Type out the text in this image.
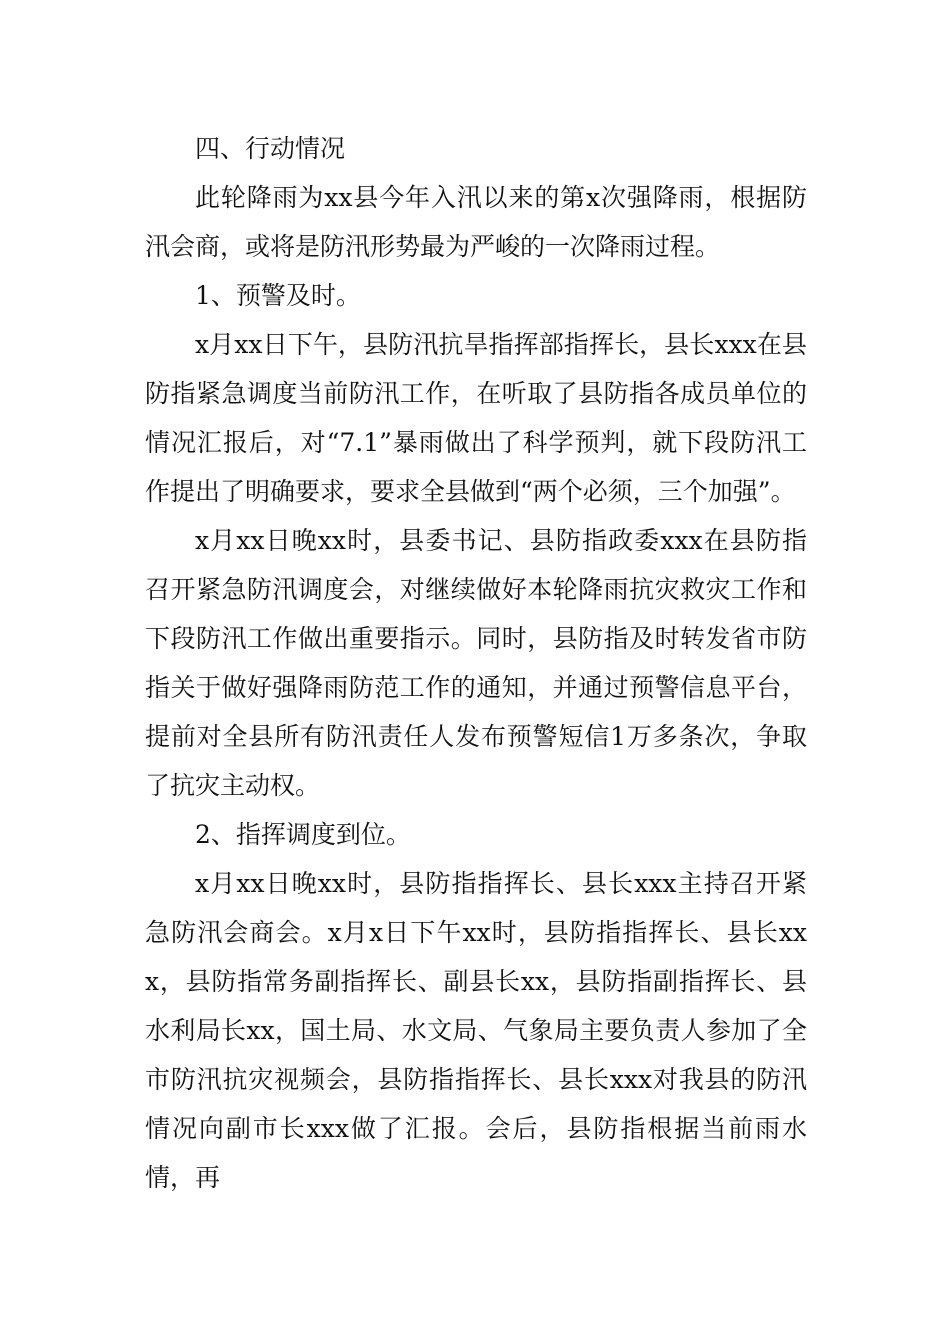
四、行动情况

此轮降雨为xx县今年入汛以来的第x次强降雨，根据防汛会商，或将是防汛形势最为严峻的一次降雨过程。

1、预警及时。

x月xx日下午，县防汛抗旱指挥部指挥长，县长xxx在县防指紧急调度当前防汛工作，在听取了县防指各成员单位的情况汇报后，对“7.1”暴雨做出了科学预判，就下段防汛工作提出了明确要求，要求全县做到“两个必须，三个加强”。

x月xx日晚xx时，县委书记、县防指政委xxx在县防指召开紧急防汛调度会，对继续做好本轮降雨抗灾救灾工作和下段防汛工作做出重要指示。同时，县防指及时转发省市防指关于做好强降雨防范工作的通知，并通过预警信息平台，提前对全县所有防汛责任人发布预警短信1万多条次，争取了抗灾主动权。

2、指挥调度到位。

x月xx日晚xx时，县防指指挥长、县长xxx主持召开紧急防汛会商会。x月x日下午xx时，县防指指挥长、县长xxx，县防指常务副指挥长、副县长xx，县防指副指挥长、县水利局长xx，国土局、水文局、气象局主要负责人参加了全市防汛抗灾视频会，县防指指挥长、县长xxx对我县的防汛情况向副市长xxx做了汇报。会后，县防指根据当前雨水情，再
